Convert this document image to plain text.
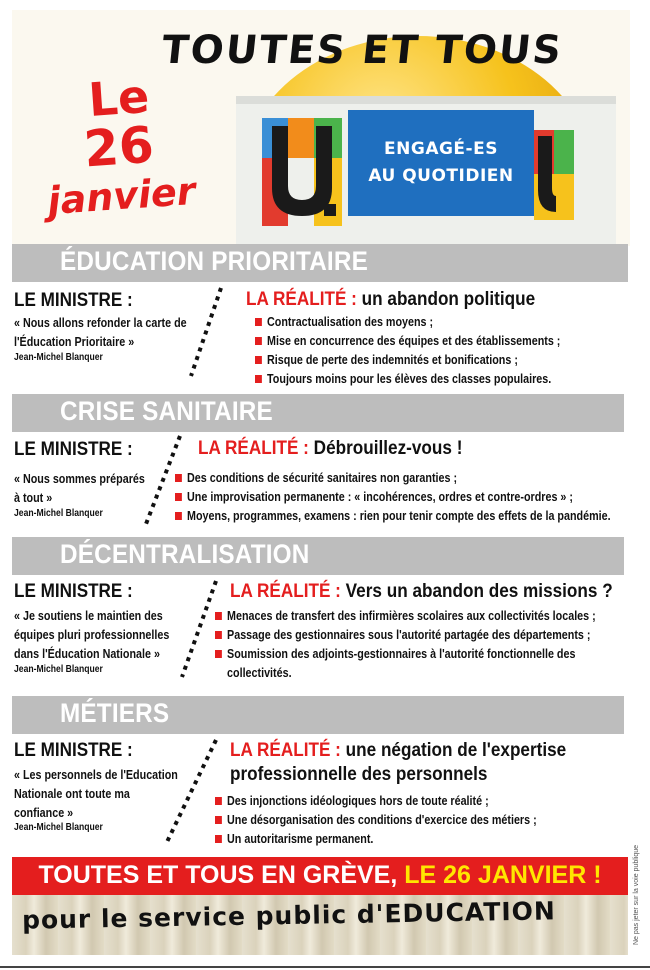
ENGAGÉ-ES
AU QUOTIDIEN
TOUTES ET TOUS
Le
26
janvier
ÉDUCATION PRIORITAIRE
LE MINISTRE :
« Nous allons refonder la carte de
l'Éducation Prioritaire »
Jean-Michel Blanquer
LA RÉALITÉ : un abandon politique
Contractualisation des moyens ;
Mise en concurrence des équipes et des établissements ;
Risque de perte des indemnités et bonifications ;
Toujours moins pour les élèves des classes populaires.
CRISE SANITAIRE
LE MINISTRE :
« Nous sommes préparés
à tout »
Jean-Michel Blanquer
LA RÉALITÉ : Débrouillez-vous !
Des conditions de sécurité sanitaires non garanties ;
Une improvisation permanente : « incohérences, ordres et contre-ordres » ;
Moyens, programmes, examens : rien pour tenir compte des effets de la pandémie.
DÉCENTRALISATION
LE MINISTRE :
« Je soutiens le maintien des
équipes pluri professionnelles
dans l'Éducation Nationale »
Jean-Michel Blanquer
LA RÉALITÉ : Vers un abandon des missions ?
Menaces de transfert des infirmières scolaires aux collectivités locales ;
Passage des gestionnaires sous l'autorité partagée des départements ;
Soumission des adjoints-gestionnaires à l'autorité fonctionnelle des
collectivités.
MÉTIERS
LE MINISTRE :
« Les personnels de l'Education
Nationale ont toute ma
confiance »
Jean-Michel Blanquer
LA RÉALITÉ : une négation de l'expertise
professionnelle des personnels
Des injonctions idéologiques hors de toute réalité ;
Une désorganisation des conditions d'exercice des métiers ;
Un autoritarisme permanent.
TOUTES ET TOUS EN GRÈVE, LE 26 JANVIER !
pour le service public d'EDUCATION	Ne pas jeter sur la voie publique
